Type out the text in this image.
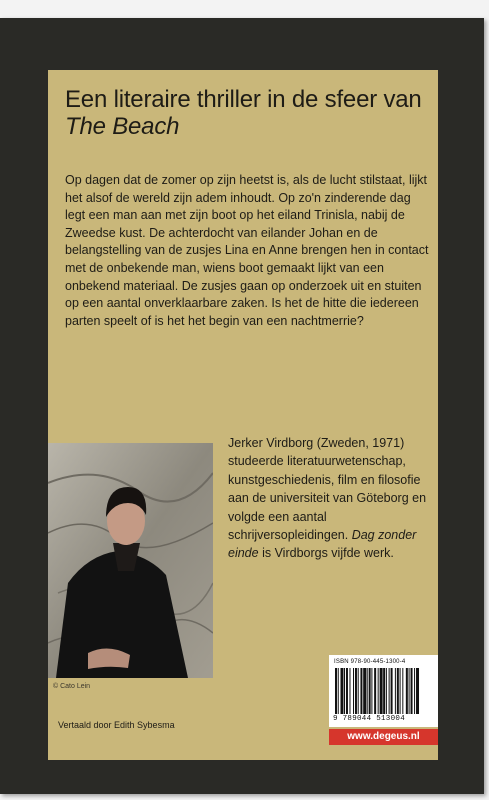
Een literaire thriller in de sfeer van The Beach

Op dagen dat de zomer op zijn heetst is, als de lucht stilstaat, lijkt het alsof de wereld zijn adem inhoudt. Op zo'n zinderende dag legt een man aan met zijn boot op het eiland Trinisla, nabij de Zweedse kust. De achterdocht van eilander Johan en de belangstelling van de zusjes Lina en Anne brengen hen in contact met de onbekende man, wiens boot gemaakt lijkt van een onbekend materiaal. De zusjes gaan op onderzoek uit en stuiten op een aantal onverklaarbare zaken. Is het de hitte die iedereen parten speelt of is het het begin van een nachtmerrie?

© Cato Lein

Jerker Virdborg (Zweden, 1971) studeerde literatuurwetenschap, kunstgeschiedenis, film en filosofie aan de universiteit van Göteborg en volgde een aantal schrijversopleidingen. Dag zonder einde is Virdborgs vijfde werk.

Vertaald door Edith Sybesma
ISBN 978-90-445-1300-4
9 789044 513004
www.degeus.nl
